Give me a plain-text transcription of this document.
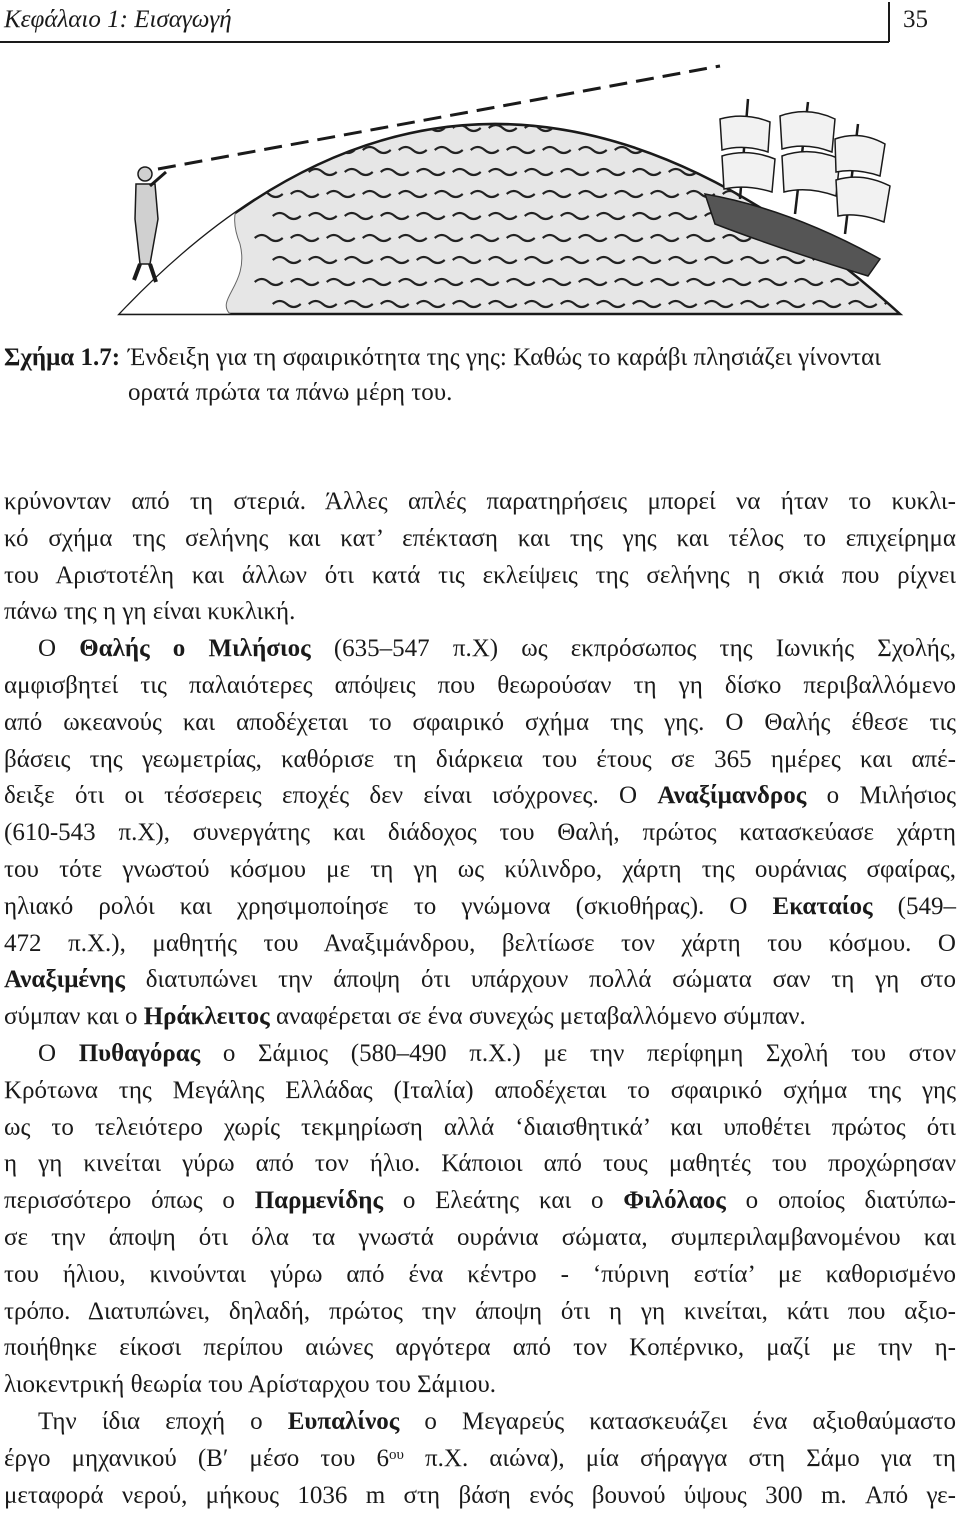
Κεφάλαιο 1: Εισαγωγή	35
Σχήμα 1.7: Ένδειξη για τη σφαιρικότητα της γης: Καθώς το καράβι πλησιάζει γίνονται
ορατά πρώτα τα πάνω μέρη του.
κρύνονταν από τη στεριά. Άλλες απλές παρατηρήσεις μπορεί να ήταν το κυκλι-
κό σχήμα της σελήνης και κατ’ επέκταση και της γης και τέλος το επιχείρημα
του Αριστοτέλη και άλλων ότι κατά τις εκλείψεις της σελήνης η σκιά που ρίχνει
πάνω της η γη είναι κυκλική.
Ο Θαλής ο Μιλήσιος (635–547 π.Χ) ως εκπρόσωπος της Ιωνικής Σχολής,
αμφισβητεί τις παλαιότερες απόψεις που θεωρούσαν τη γη δίσκο περιβαλλόμενο
από ωκεανούς και αποδέχεται το σφαιρικό σχήμα της γης. Ο Θαλής έθεσε τις
βάσεις της γεωμετρίας, καθόρισε τη διάρκεια του έτους σε 365 ημέρες και απέ-
δειξε ότι οι τέσσερεις εποχές δεν είναι ισόχρονες. Ο Αναξίμανδρος ο Μιλήσιος
(610-543 π.Χ), συνεργάτης και διάδοχος του Θαλή, πρώτος κατασκεύασε χάρτη
του τότε γνωστού κόσμου με τη γη ως κύλινδρο, χάρτη της ουράνιας σφαίρας,
ηλιακό ρολόι και χρησιμοποίησε το γνώμονα (σκιοθήρας). Ο Εκαταίος (549–
472 π.Χ.), μαθητής του Αναξιμάνδρου, βελτίωσε τον χάρτη του κόσμου. Ο
Αναξιμένης διατυπώνει την άποψη ότι υπάρχουν πολλά σώματα σαν τη γη στο
σύμπαν και ο Ηράκλειτος αναφέρεται σε ένα συνεχώς μεταβαλλόμενο σύμπαν.
Ο Πυθαγόρας ο Σάμιος (580–490 π.Χ.) με την περίφημη Σχολή του στον
Κρότωνα της Μεγάλης Ελλάδας (Ιταλία) αποδέχεται το σφαιρικό σχήμα της γης
ως το τελειότερο χωρίς τεκμηρίωση αλλά ‘διαισθητικά’ και υποθέτει πρώτος ότι
η γη κινείται γύρω από τον ήλιο. Κάποιοι από τους μαθητές του προχώρησαν
περισσότερο όπως ο Παρμενίδης ο Ελεάτης και ο Φιλόλαος ο οποίος διατύπω-
σε την άποψη ότι όλα τα γνωστά ουράνια σώματα, συμπεριλαμβανομένου και
του ήλιου, κινούνται γύρω από ένα κέντρο - ‘πύρινη εστία’ με καθορισμένο
τρόπο. Διατυπώνει, δηλαδή, πρώτος την άποψη ότι η γη κινείται, κάτι που αξιο-
ποιήθηκε είκοσι περίπου αιώνες αργότερα από τον Κοπέρνικο, μαζί με την η-
λιοκεντρική θεωρία του Αρίσταρχου του Σάμιου.
Την ίδια εποχή ο Ευπαλίνος ο Μεγαρεύς κατασκευάζει ένα αξιοθαύμαστο
έργο μηχανικού (Β′ μέσο του $6^{o\upsilon}$ π.Χ. αιώνα), μία σήραγγα στη Σάμο για τη
μεταφορά νερού, μήκους 1036 m στη βάση ενός βουνού ύψους 300 m. Από γε-
